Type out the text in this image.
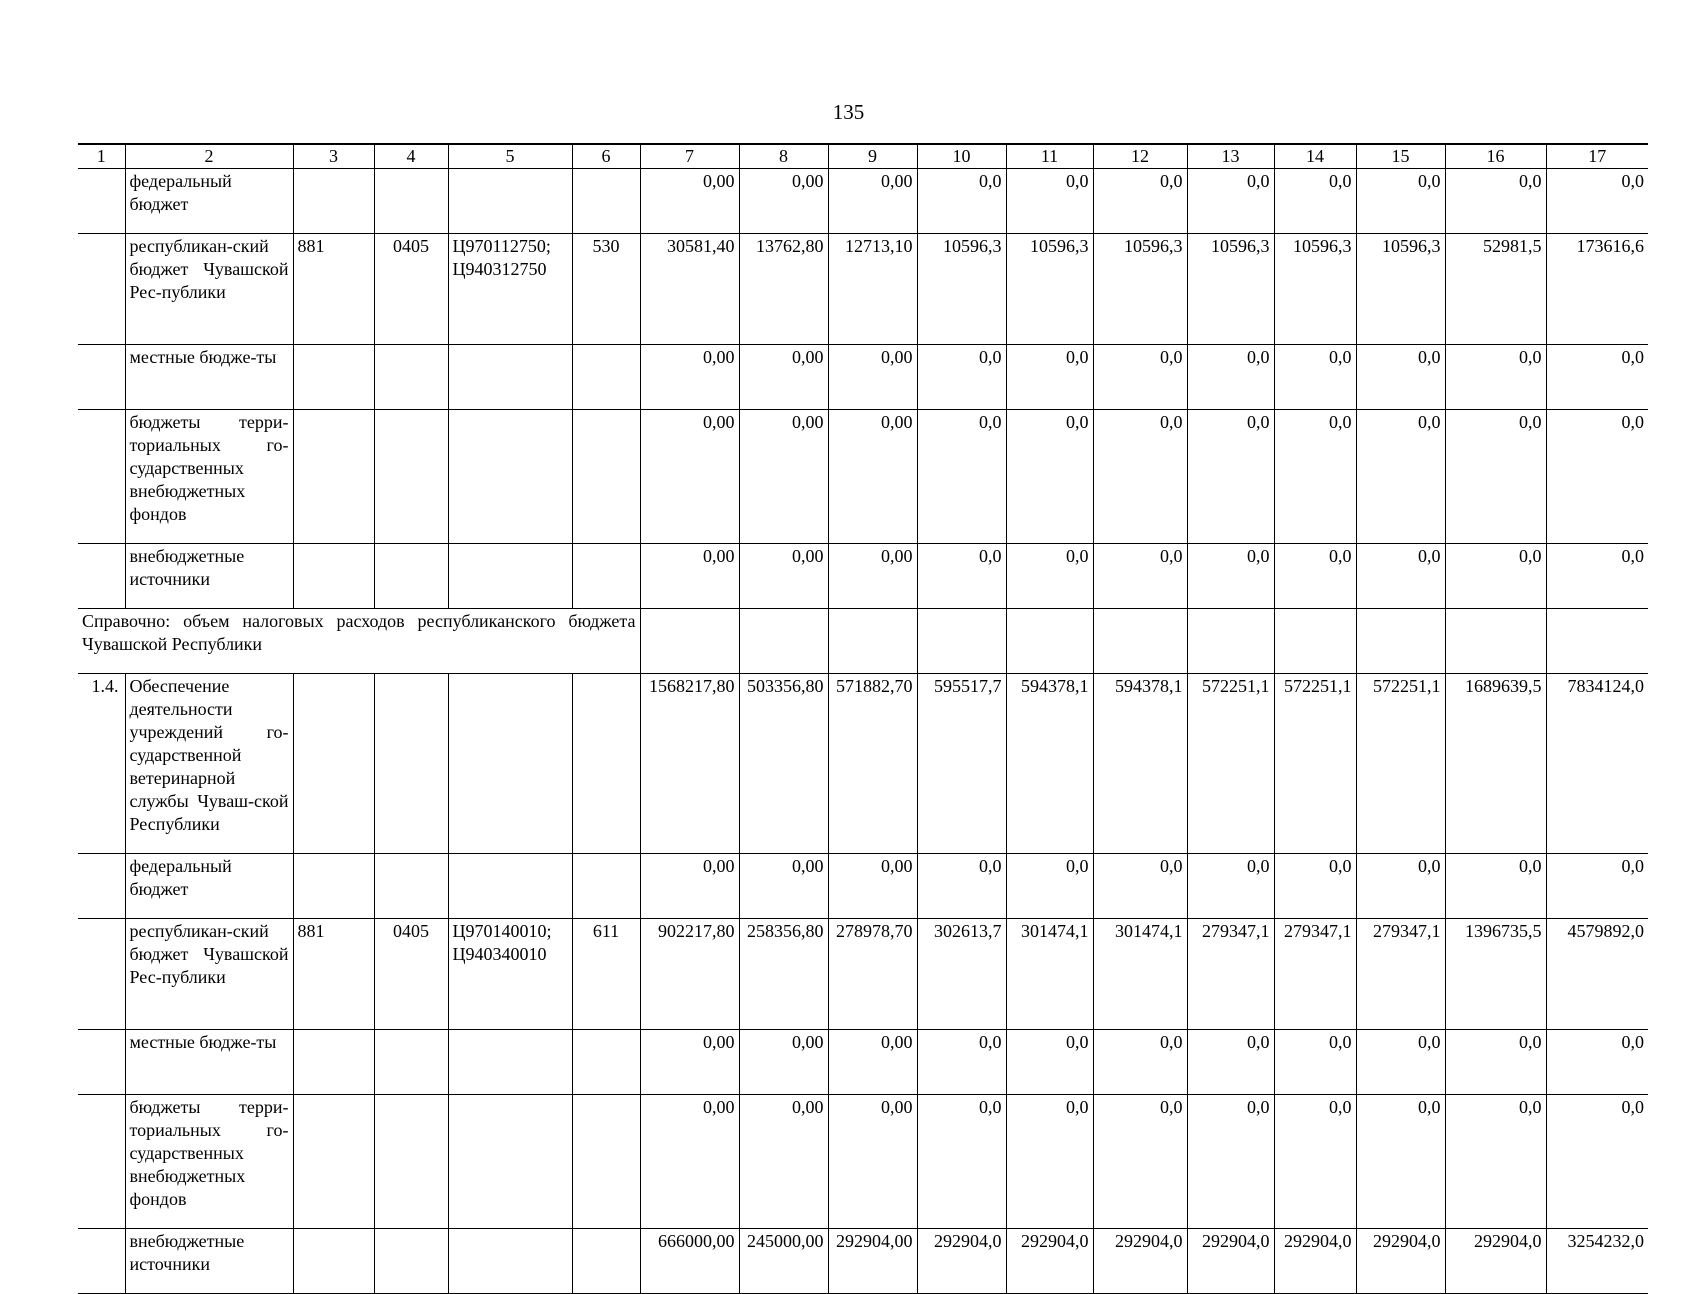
135
1	2	3	4	5	6	7	8	9	10	11	12	13	14	15	16	17
	федеральный бюджет					0,00	0,00	0,00	0,0	0,0	0,0	0,0	0,0	0,0	0,0	0,0
	республикан-ский бюджет Чувашской Рес-публики	881	0405	Ц970112750; Ц940312750	530	30581,40	13762,80	12713,10	10596,3	10596,3	10596,3	10596,3	10596,3	10596,3	52981,5	173616,6
	местные бюдже-ты					0,00	0,00	0,00	0,0	0,0	0,0	0,0	0,0	0,0	0,0	0,0
	бюджеты терри-ториальных го-сударственных внебюджетных фондов					0,00	0,00	0,00	0,0	0,0	0,0	0,0	0,0	0,0	0,0	0,0
	внебюджетные источники					0,00	0,00	0,00	0,0	0,0	0,0	0,0	0,0	0,0	0,0	0,0
Справочно: объем налоговых расходов республиканского бюджета Чувашской Республики																
1.4.	Обеспечение деятельности учреждений го-сударственной ветеринарной службы Чуваш-ской Республики					1568217,80	503356,80	571882,70	595517,7	594378,1	594378,1	572251,1	572251,1	572251,1	1689639,5	7834124,0
	федеральный бюджет					0,00	0,00	0,00	0,0	0,0	0,0	0,0	0,0	0,0	0,0	0,0
	республикан-ский бюджет Чувашской Рес-публики	881	0405	Ц970140010; Ц940340010	611	902217,80	258356,80	278978,70	302613,7	301474,1	301474,1	279347,1	279347,1	279347,1	1396735,5	4579892,0
	местные бюдже-ты					0,00	0,00	0,00	0,0	0,0	0,0	0,0	0,0	0,0	0,0	0,0
	бюджеты терри-ториальных го-сударственных внебюджетных фондов					0,00	0,00	0,00	0,0	0,0	0,0	0,0	0,0	0,0	0,0	0,0
	внебюджетные источники					666000,00	245000,00	292904,00	292904,0	292904,0	292904,0	292904,0	292904,0	292904,0	292904,0	3254232,0
